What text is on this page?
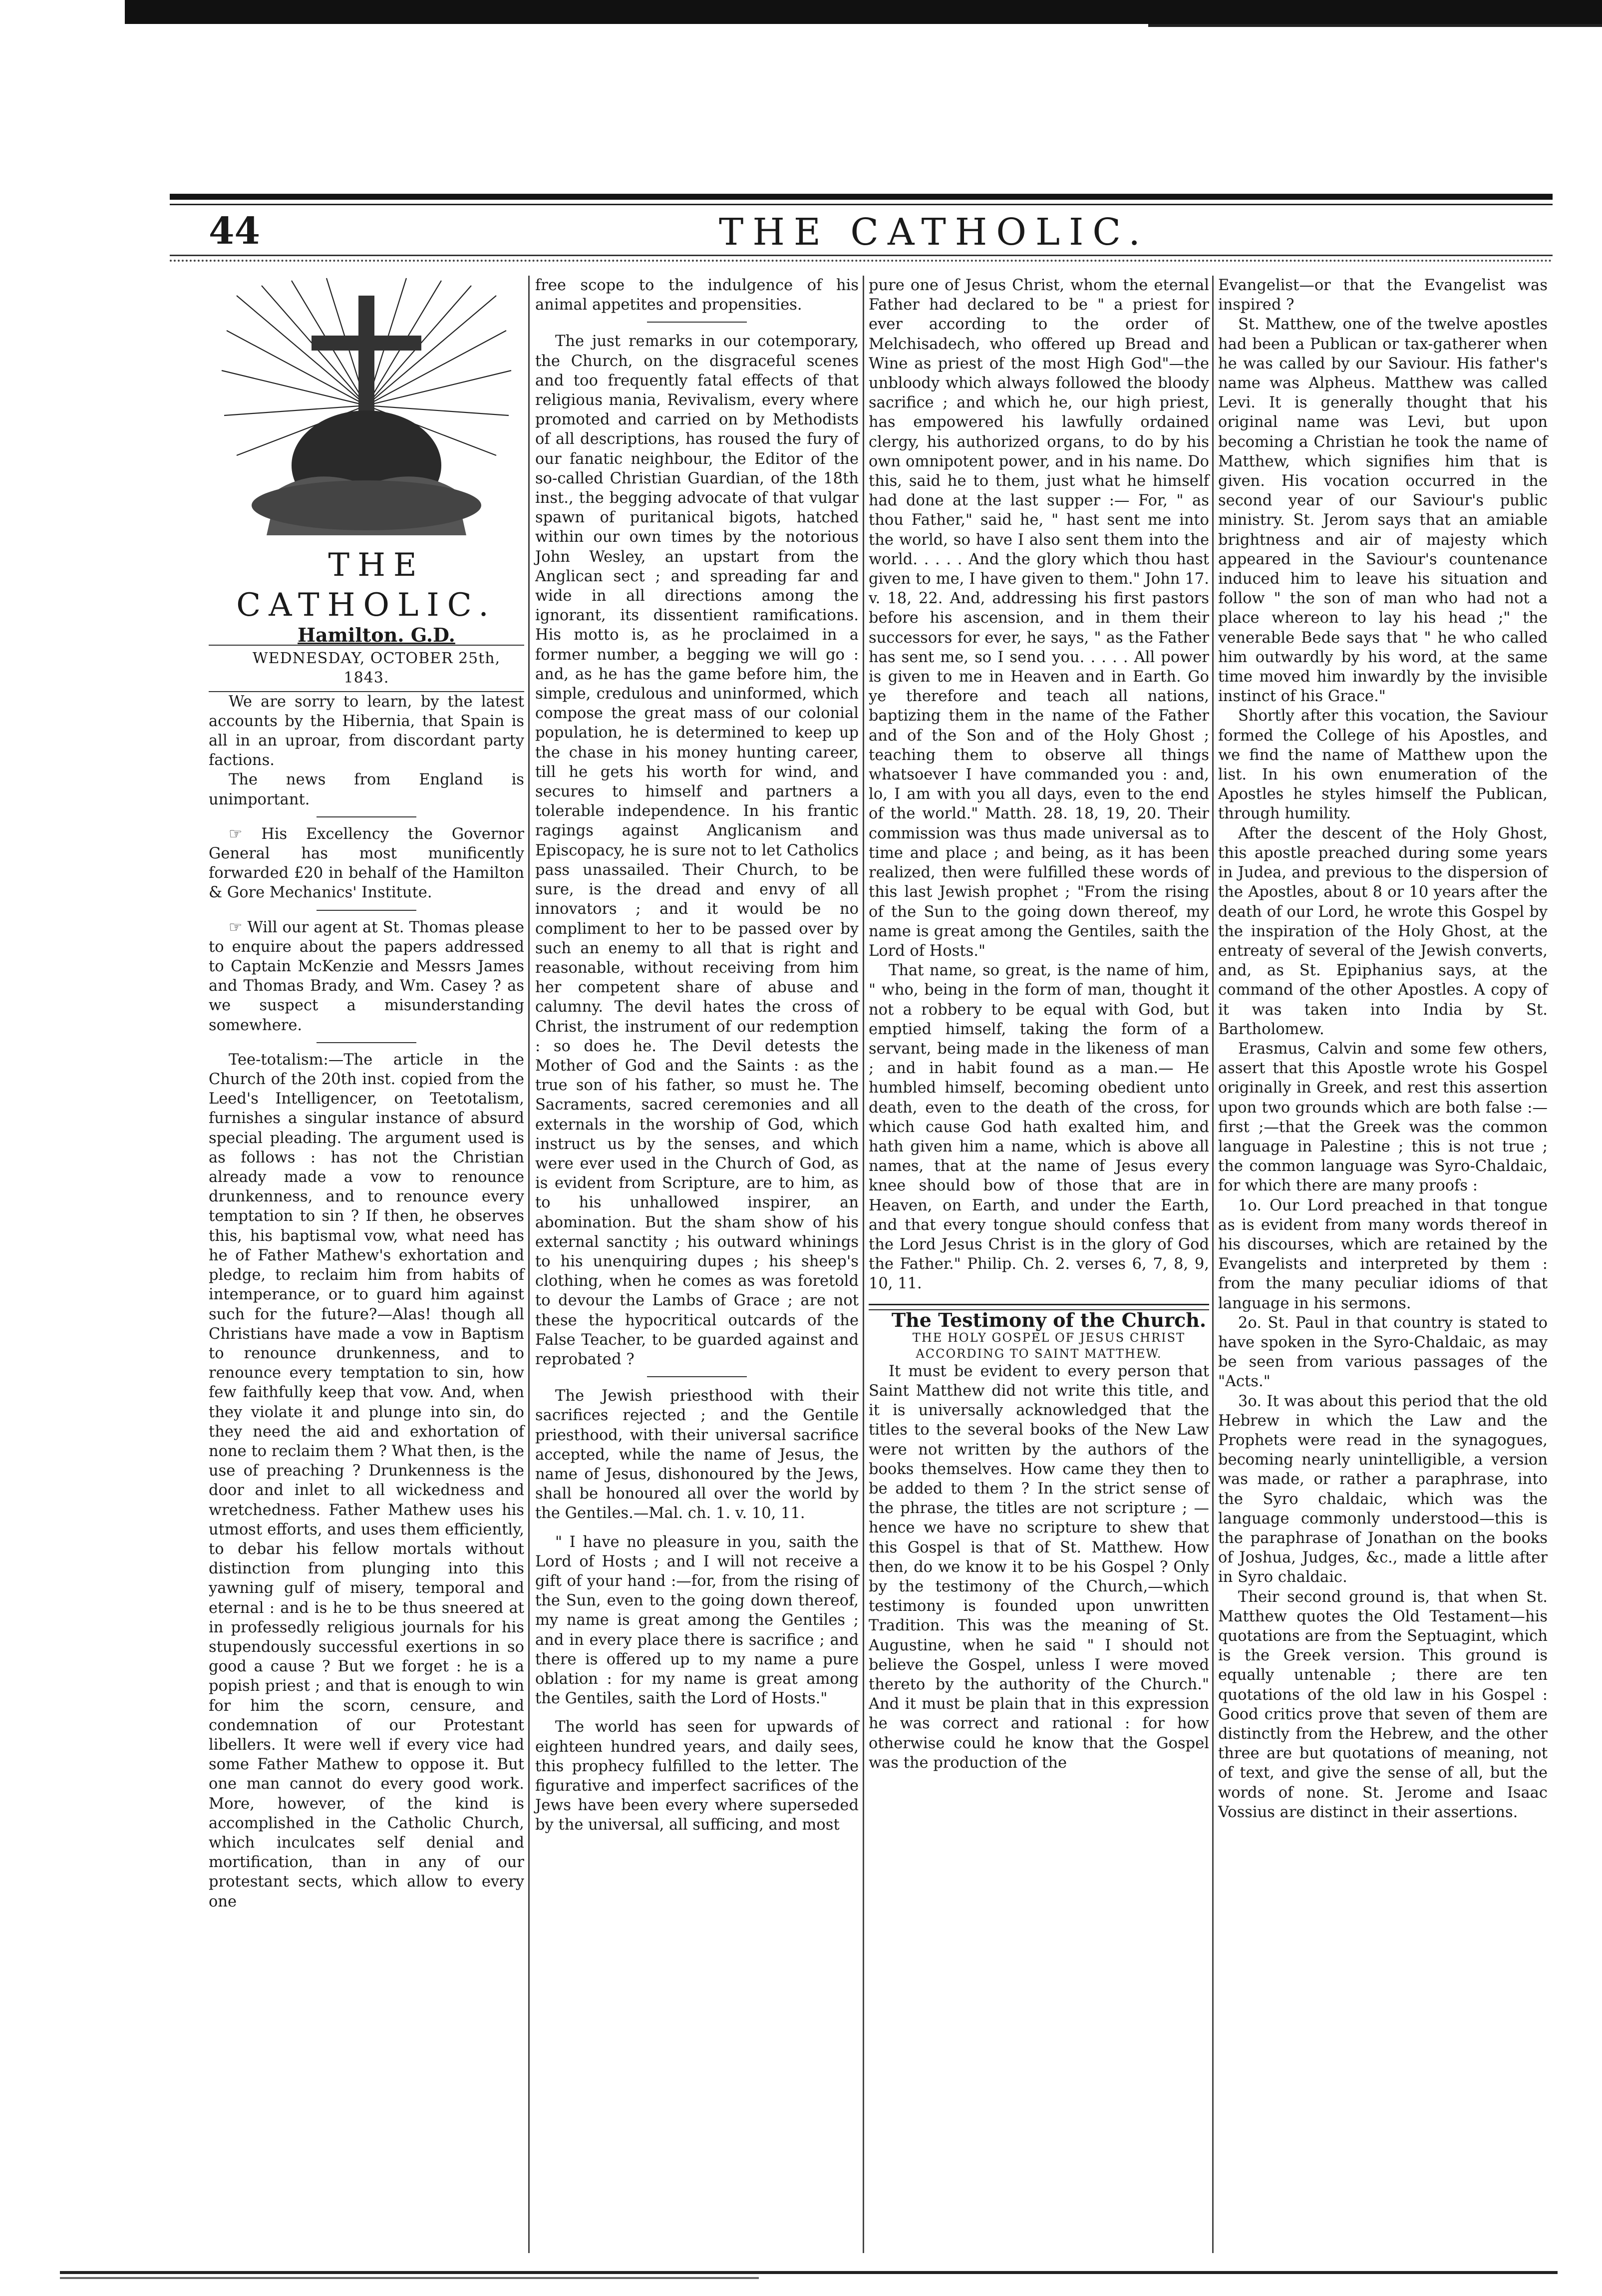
44	THE CATHOLIC.

THE CATHOLIC.

Hamilton. G.D.

WEDNESDAY, OCTOBER 25th, 1843.

We are sorry to learn, by the latest accounts by the Hibernia, that Spain is all in an uproar, from discordant party factions.

The news from England is unimportant.

☞ His Excellency the Governor General has most munificently forwarded £20 in behalf of the Hamilton & Gore Mechanics' Institute.

☞ Will our agent at St. Thomas please to enquire about the papers addressed to Captain McKenzie and Messrs James and Thomas Brady, and Wm. Casey ? as we suspect a misunderstanding somewhere.

Tee-totalism:—The article in the Church of the 20th inst. copied from the Leed's Intelligencer, on Teetotalism, furnishes a singular instance of absurd special pleading. The argument used is as follows : has not the Christian already made a vow to renounce drunkenness, and to renounce every temptation to sin ? If then, he observes this, his baptismal vow, what need has he of Father Mathew's exhortation and pledge, to reclaim him from habits of intemperance, or to guard him against such for the future?—Alas! though all Christians have made a vow in Baptism to renounce drunkenness, and to renounce every temptation to sin, how few faithfully keep that vow. And, when they violate it and plunge into sin, do they need the aid and exhortation of none to reclaim them ? What then, is the use of preaching ? Drunkenness is the door and inlet to all wickedness and wretchedness. Father Mathew uses his utmost efforts, and uses them efficiently, to debar his fellow mortals without distinction from plunging into this yawning gulf of misery, temporal and eternal : and is he to be thus sneered at in professedly religious journals for his stupendously successful exertions in so good a cause ? But we forget : he is a popish priest ; and that is enough to win for him the scorn, censure, and condemnation of our Protestant libellers. It were well if every vice had some Father Mathew to oppose it. But one man cannot do every good work. More, however, of the kind is accomplished in the Catholic Church, which inculcates self denial and mortification, than in any of our protestant sects, which allow to every one

free scope to the indulgence of his animal appetites and propensities.

The just remarks in our cotemporary, the Church, on the disgraceful scenes and too frequently fatal effects of that religious mania, Revivalism, every where promoted and carried on by Methodists of all descriptions, has roused the fury of our fanatic neighbour, the Editor of the so-called Christian Guardian, of the 18th inst., the begging advocate of that vulgar spawn of puritanical bigots, hatched within our own times by the notorious John Wesley, an upstart from the Anglican sect ; and spreading far and wide in all directions among the ignorant, its dissentient ramifications. His motto is, as he proclaimed in a former number, a begging we will go : and, as he has the game before him, the simple, credulous and uninformed, which compose the great mass of our colonial population, he is determined to keep up the chase in his money hunting career, till he gets his worth for wind, and secures to himself and partners a tolerable independence. In his frantic ragings against Anglicanism and Episcopacy, he is sure not to let Catholics pass unassailed. Their Church, to be sure, is the dread and envy of all innovators ; and it would be no compliment to her to be passed over by such an enemy to all that is right and reasonable, without receiving from him her competent share of abuse and calumny. The devil hates the cross of Christ, the instrument of our redemption : so does he. The Devil detests the Mother of God and the Saints : as the true son of his father, so must he. The Sacraments, sacred ceremonies and all externals in the worship of God, which instruct us by the senses, and which were ever used in the Church of God, as is evident from Scripture, are to him, as to his unhallowed inspirer, an abomination. But the sham show of his external sanctity ; his outward whinings to his unenquiring dupes ; his sheep's clothing, when he comes as was foretold to devour the Lambs of Grace ; are not these the hypocritical outcards of the False Teacher, to be guarded against and reprobated ?

The Jewish priesthood with their sacrifices rejected ; and the Gentile priesthood, with their universal sacrifice accepted, while the name of Jesus, the name of Jesus, dishonoured by the Jews, shall be honoured all over the world by the Gentiles.—Mal. ch. 1. v. 10, 11.

" I have no pleasure in you, saith the Lord of Hosts ; and I will not receive a gift of your hand :—for, from the rising of the Sun, even to the going down thereof, my name is great among the Gentiles ; and in every place there is sacrifice ; and there is offered up to my name a pure oblation : for my name is great among the Gentiles, saith the Lord of Hosts."

The world has seen for upwards of eighteen hundred years, and daily sees, this prophecy fulfilled to the letter. The figurative and imperfect sacrifices of the Jews have been every where superseded by the universal, all sufficing, and most

pure one of Jesus Christ, whom the eternal Father had declared to be " a priest for ever according to the order of Melchisadech, who offered up Bread and Wine as priest of the most High God"—the unbloody which always followed the bloody sacrifice ; and which he, our high priest, has empowered his lawfully ordained clergy, his authorized organs, to do by his own omnipotent power, and in his name. Do this, said he to them, just what he himself had done at the last supper :— For, " as thou Father," said he, " hast sent me into the world, so have I also sent them into the world. . . . . And the glory which thou hast given to me, I have given to them." John 17. v. 18, 22. And, addressing his first pastors before his ascension, and in them their successors for ever, he says, " as the Father has sent me, so I send you. . . . . All power is given to me in Heaven and in Earth. Go ye therefore and teach all nations, baptizing them in the name of the Father and of the Son and of the Holy Ghost ; teaching them to observe all things whatsoever I have commanded you : and, lo, I am with you all days, even to the end of the world." Matth. 28. 18, 19, 20. Their commission was thus made universal as to time and place ; and being, as it has been realized, then were fulfilled these words of this last Jewish prophet ; "From the rising of the Sun to the going down thereof, my name is great among the Gentiles, saith the Lord of Hosts."

That name, so great, is the name of him, " who, being in the form of man, thought it not a robbery to be equal with God, but emptied himself, taking the form of a servant, being made in the likeness of man ; and in habit found as a man.— He humbled himself, becoming obedient unto death, even to the death of the cross, for which cause God hath exalted him, and hath given him a name, which is above all names, that at the name of Jesus every knee should bow of those that are in Heaven, on Earth, and under the Earth, and that every tongue should confess that the Lord Jesus Christ is in the glory of God the Father." Philip. Ch. 2. verses 6, 7, 8, 9, 10, 11.

The Testimony of the Church.

THE HOLY GOSPEL OF JESUS CHRIST ACCORDING TO SAINT MATTHEW.

It must be evident to every person that Saint Matthew did not write this title, and it is universally acknowledged that the titles to the several books of the New Law were not written by the authors of the books themselves. How came they then to be added to them ? In the strict sense of the phrase, the titles are not scripture ; —hence we have no scripture to shew that this Gospel is that of St. Matthew. How then, do we know it to be his Gospel ? Only by the testimony of the Church,—which testimony is founded upon unwritten Tradition. This was the meaning of St. Augustine, when he said " I should not believe the Gospel, unless I were moved thereto by the authority of the Church." And it must be plain that in this expression he was correct and rational : for how otherwise could he know that the Gospel was the production of the

Evangelist—or that the Evangelist was inspired ?

St. Matthew, one of the twelve apostles had been a Publican or tax-gatherer when he was called by our Saviour. His father's name was Alpheus. Matthew was called Levi. It is generally thought that his original name was Levi, but upon becoming a Christian he took the name of Matthew, which signifies him that is given. His vocation occurred in the second year of our Saviour's public ministry. St. Jerom says that an amiable brightness and air of majesty which appeared in the Saviour's countenance induced him to leave his situation and follow " the son of man who had not a place whereon to lay his head ;" the venerable Bede says that " he who called him outwardly by his word, at the same time moved him inwardly by the invisible instinct of his Grace."

Shortly after this vocation, the Saviour formed the College of his Apostles, and we find the name of Matthew upon the list. In his own enumeration of the Apostles he styles himself the Publican, through humility.

After the descent of the Holy Ghost, this apostle preached during some years in Judea, and previous to the dispersion of the Apostles, about 8 or 10 years after the death of our Lord, he wrote this Gospel by the inspiration of the Holy Ghost, at the entreaty of several of the Jewish converts, and, as St. Epiphanius says, at the command of the other Apostles. A copy of it was taken into India by St. Bartholomew.

Erasmus, Calvin and some few others, assert that this Apostle wrote his Gospel originally in Greek, and rest this assertion upon two grounds which are both false :—first ;—that the Greek was the common language in Palestine ; this is not true ; the common language was Syro-Chaldaic, for which there are many proofs :

1o. Our Lord preached in that tongue as is evident from many words thereof in his discourses, which are retained by the Evangelists and interpreted by them : from the many peculiar idioms of that language in his sermons.

2o. St. Paul in that country is stated to have spoken in the Syro-Chaldaic, as may be seen from various passages of the "Acts."

3o. It was about this period that the old Hebrew in which the Law and the Prophets were read in the synagogues, becoming nearly unintelligible, a version was made, or rather a paraphrase, into the Syro chaldaic, which was the language commonly understood—this is the paraphrase of Jonathan on the books of Joshua, Judges, &c., made a little after in Syro chaldaic.

Their second ground is, that when St. Matthew quotes the Old Testament—his quotations are from the Septuagint, which is the Greek version. This ground is equally untenable ; there are ten quotations of the old law in his Gospel : Good critics prove that seven of them are distinctly from the Hebrew, and the other three are but quotations of meaning, not of text, and give the sense of all, but the words of none. St. Jerome and Isaac Vossius are distinct in their assertions.
